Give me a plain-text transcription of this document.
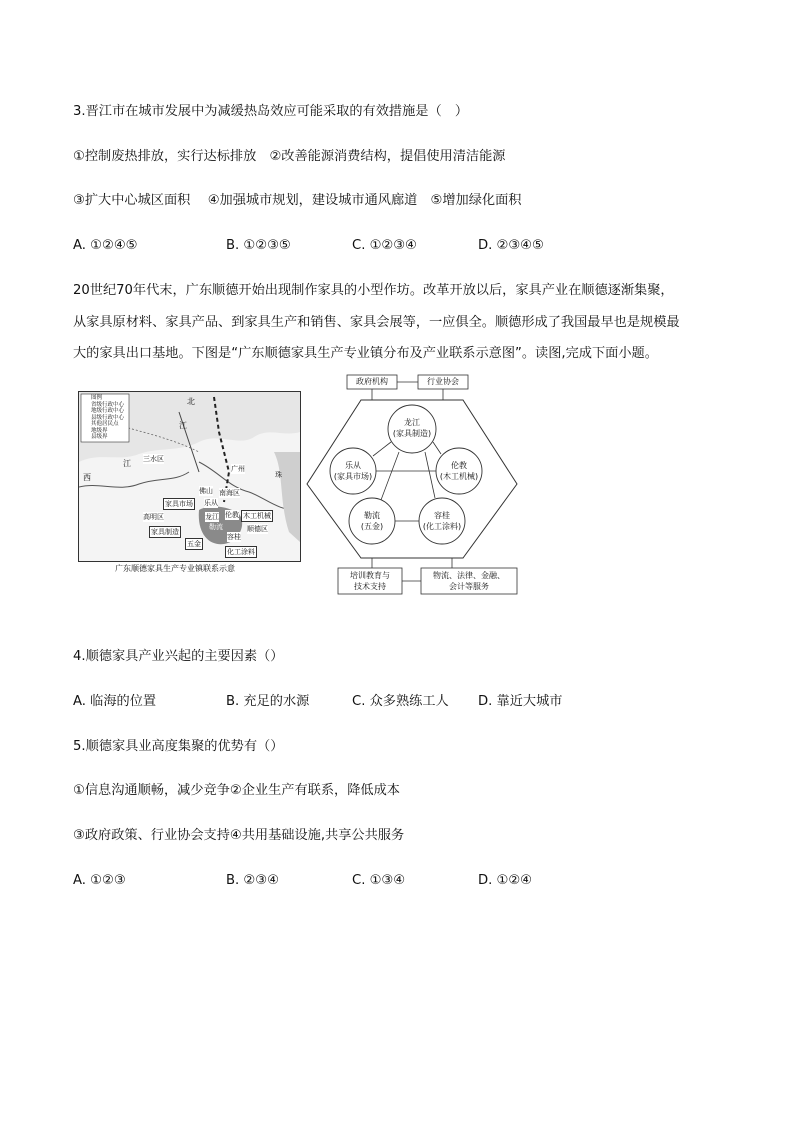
3.晋江市在城市发展中为减缓热岛效应可能采取的有效措施是（　）
①控制废热排放，实行达标排放　②改善能源消费结构，提倡使用清洁能源
③扩大中心城区面积　 ④加强城市规划，建设城市通风廊道　⑤增加绿化面积
A. ①②④⑤	B. ①②③⑤	C. ①②③④	D. ②③④⑤
20世纪70年代末，广东顺德开始出现制作家具的小型作坊。改革开放以后，家具产业在顺德逐渐集聚，
从家具原材料、家具产品、到家具生产和销售、家具会展等，一应俱全。顺德形成了我国最早也是规模最
大的家具出口基地。下图是“广东顺德家具生产专业镇分布及产业联系示意图”。读图,完成下面小题。
图例
省级行政中心
地级行政中心
县级行政中心
其他居民点
地级界
县级界
北
江
西
江 三水区
广州
珠
佛山 南海区
乐从
家具市场
高明区	龙江 伦教 木工机械
家具制造	顺德区
勒流
容桂
五金
化工涂料
广东顺德家具生产专业镇联系示意
政府机构	行业协会
龙江
(家具制造)
乐从
(家具市场)
伦教
(木工机械)
勒流
(五金)
容桂
(化工涂料)
培训教育与
技术支持
物流、法律、金融、
会计等服务
4.顺德家具产业兴起的主要因素（）
A. 临海的位置	B. 充足的水源	C. 众多熟练工人 D. 靠近大城市
5.顺德家具业高度集聚的优势有（）
①信息沟通顺畅，减少竞争②企业生产有联系，降低成本
③政府政策、行业协会支持④共用基础设施,共享公共服务
A. ①②③	B. ②③④	C. ①③④	D. ①②④
